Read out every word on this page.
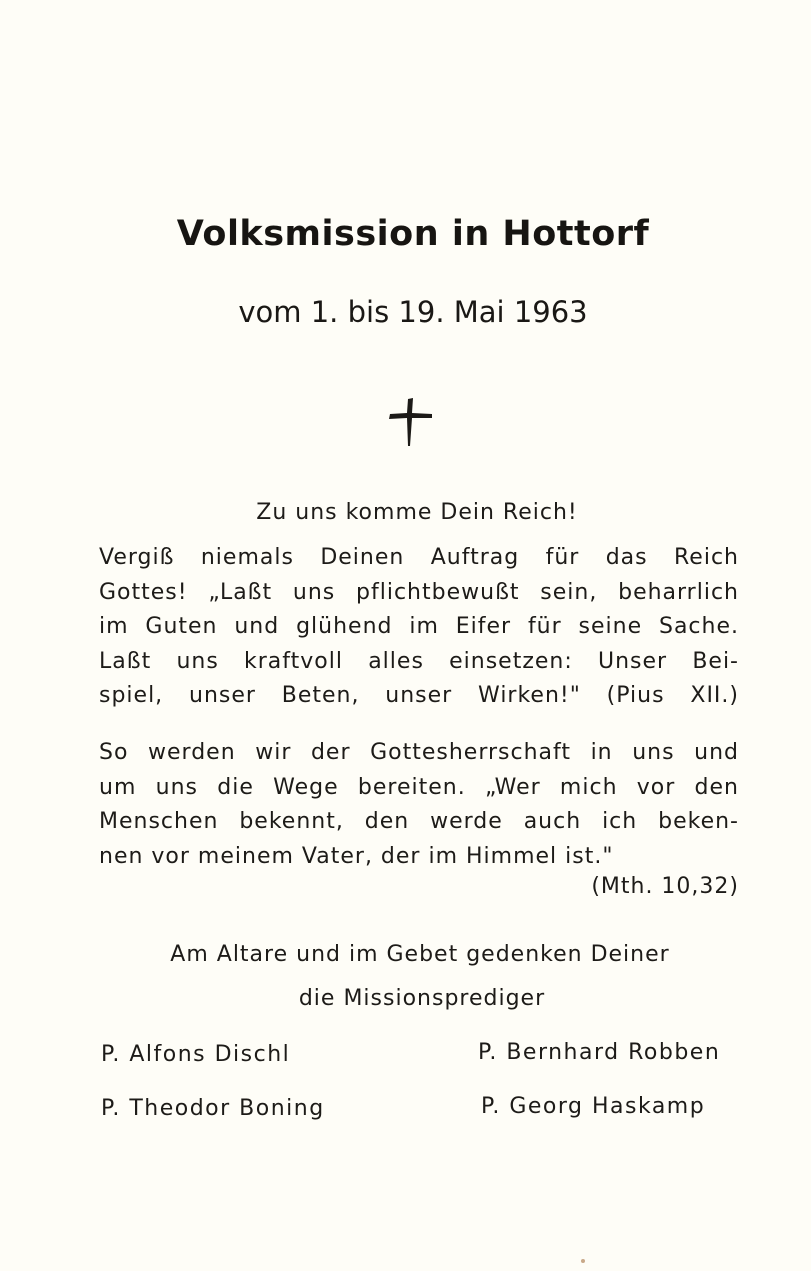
Volksmission in Hottorf
vom 1. bis 19. Mai 1963
Zu uns komme Dein Reich!
Vergiß niemals Deinen Auftrag für das Reich
Gottes! „Laßt uns pflichtbewußt sein, beharrlich
im Guten und glühend im Eifer für seine Sache.
Laßt uns kraftvoll alles einsetzen: Unser Bei-
spiel, unser Beten, unser Wirken!" (Pius XII.)
So werden wir der Gottesherrschaft in uns und
um uns die Wege bereiten. „Wer mich vor den
Menschen bekennt, den werde auch ich beken-
nen vor meinem Vater, der im Himmel ist."
(Mth. 10,32)
Am Altare und im Gebet gedenken Deiner
die Missionsprediger
P. Alfons Dischl	P. Bernhard Robben
P. Theodor Boning	P. Georg Haskamp
